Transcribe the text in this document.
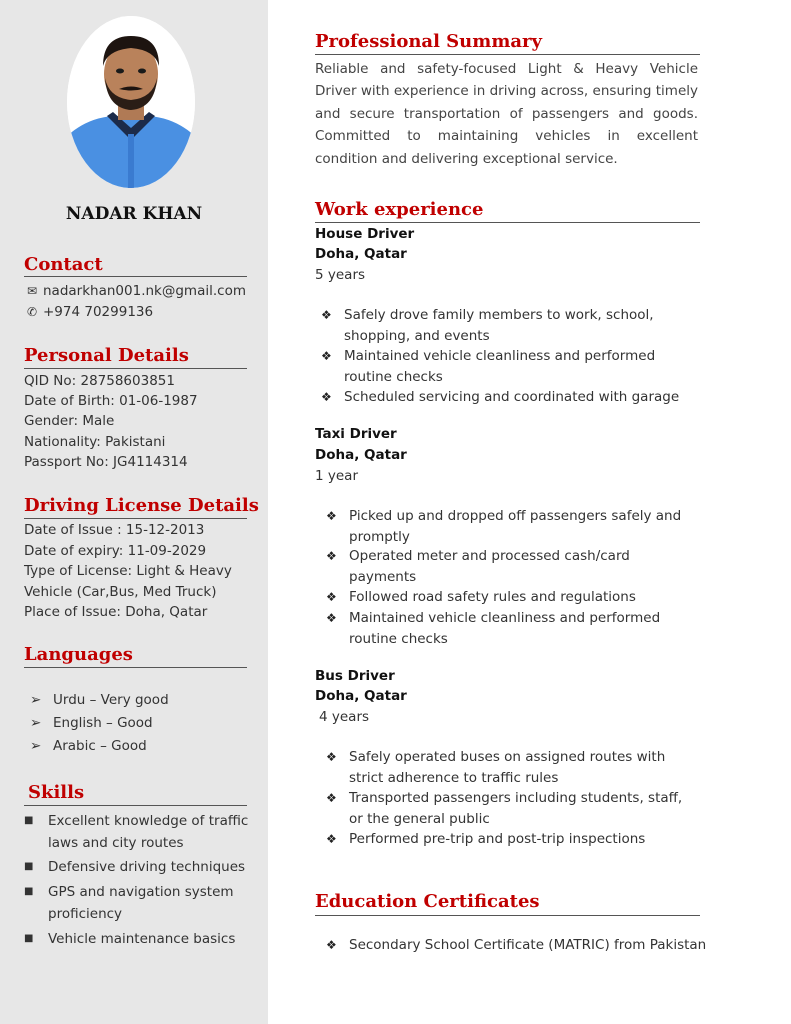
NADAR KHAN
Contact
✉ nadarkhan001.nk@gmail.com
✆ +974 70299136
Personal Details
QID No: 28758603851
Date of Birth: 01-06-1987
Gender: Male
Nationality: Pakistani
Passport No: JG4114314
Driving License Details
Date of Issue : 15-12-2013
Date of expiry: 11-09-2029
Type of License: Light & Heavy
Vehicle (Car,Bus, Med Truck)
Place of Issue: Doha, Qatar
Languages
➢ Urdu – Very good
➢ English – Good
➢ Arabic – Good
Skills
■	Excellent knowledge of traffic laws and city routes
■	Defensive driving techniques
■	GPS and navigation system proficiency
■	Vehicle maintenance basics
Professional Summary
Reliable and safety-focused Light & Heavy Vehicle Driver with experience in driving across, ensuring timely and secure transportation of passengers and goods. Committed to maintaining vehicles in excellent condition and delivering exceptional service.
Work experience
House Driver
Doha, Qatar
5 years
❖ Safely drove family members to work, school, shopping, and events
❖ Maintained vehicle cleanliness and performed routine checks
❖ Scheduled servicing and coordinated with garage
Taxi Driver
Doha, Qatar
1 year
❖ Picked up and dropped off passengers safely and promptly
❖ Operated meter and processed cash/card payments
❖ Followed road safety rules and regulations
❖ Maintained vehicle cleanliness and performed routine checks
Bus Driver
Doha, Qatar
4 years
❖ Safely operated buses on assigned routes with strict adherence to traffic rules
❖ Transported passengers including students, staff, or the general public
❖ Performed pre-trip and post-trip inspections
Education Certificates
❖ Secondary School Certificate (MATRIC) from Pakistan
